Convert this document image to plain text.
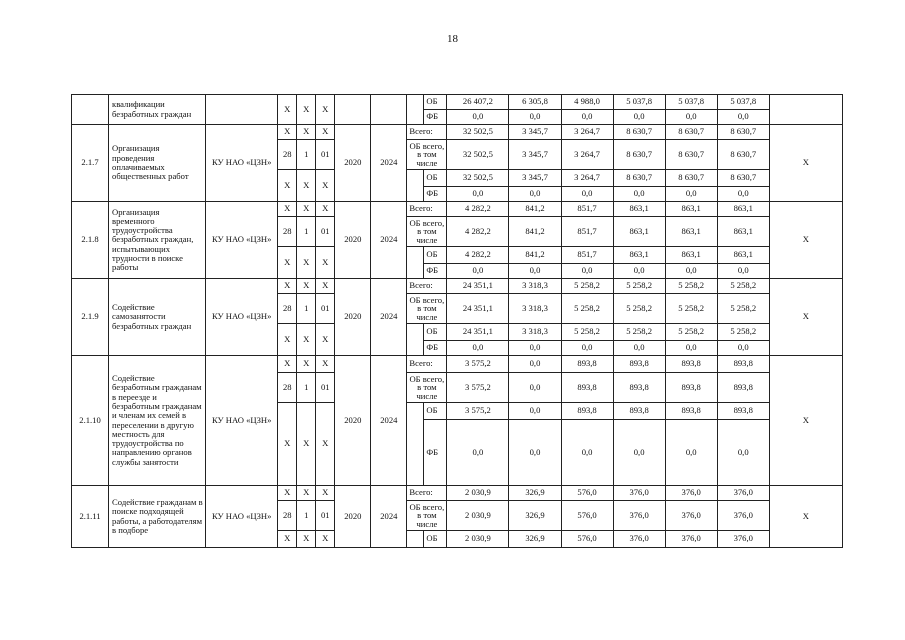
18
	квалификации безработных граждан		X	X	X				ОБ	26 407,2	6 305,8	4 988,0	5 037,8	5 037,8	5 037,8	
									ФБ	0,0	0,0	0,0	0,0	0,0	0,0	
2.1.7	Организация проведения оплачиваемых общественных работ	КУ НАО «ЦЗН»	X	X	X	2020	2024	Всего:		32 502,5	3 345,7	3 264,7	8 630,7	8 630,7	8 630,7	X
			28	1	01			ОБ всего, в том числе		32 502,5	3 345,7	3 264,7	8 630,7	8 630,7	8 630,7	
			X	X	X				ОБ	32 502,5	3 345,7	3 264,7	8 630,7	8 630,7	8 630,7	
									ФБ	0,0	0,0	0,0	0,0	0,0	0,0	
2.1.8	Организация временного трудоустройства безработных граждан, испытывающих трудности в поиске работы	КУ НАО «ЦЗН»	X	X	X	2020	2024	Всего:		4 282,2	841,2	851,7	863,1	863,1	863,1	X
			28	1	01			ОБ всего, в том числе		4 282,2	841,2	851,7	863,1	863,1	863,1	
			X	X	X				ОБ	4 282,2	841,2	851,7	863,1	863,1	863,1	
									ФБ	0,0	0,0	0,0	0,0	0,0	0,0	
2.1.9	Содействие самозанятости безработных граждан	КУ НАО «ЦЗН»	X	X	X	2020	2024	Всего:		24 351,1	3 318,3	5 258,2	5 258,2	5 258,2	5 258,2	X
			28	1	01			ОБ всего, в том числе		24 351,1	3 318,3	5 258,2	5 258,2	5 258,2	5 258,2	
			X	X	X				ОБ	24 351,1	3 318,3	5 258,2	5 258,2	5 258,2	5 258,2	
									ФБ	0,0	0,0	0,0	0,0	0,0	0,0	
2.1.10	Содействие безработным гражданам в переезде и безработным гражданам и членам их семей в переселении в другую местность для трудоустройства по направлению органов службы занятости	КУ НАО «ЦЗН»	X	X	X	2020	2024	Всего:		3 575,2	0,0	893,8	893,8	893,8	893,8	X
			28	1	01			ОБ всего, в том числе		3 575,2	0,0	893,8	893,8	893,8	893,8	
			X	X	X				ОБ	3 575,2	0,0	893,8	893,8	893,8	893,8	
									ФБ	0,0	0,0	0,0	0,0	0,0	0,0	
2.1.11	Содействие гражданам в поиске подходящей работы, а работодателям в подборе	КУ НАО «ЦЗН»	X	X	X	2020	2024	Всего:		2 030,9	326,9	576,0	376,0	376,0	376,0	X
			28	1	01			ОБ всего, в том числе		2 030,9	326,9	576,0	376,0	376,0	376,0	
			X	X	X				ОБ	2 030,9	326,9	576,0	376,0	376,0	376,0	
